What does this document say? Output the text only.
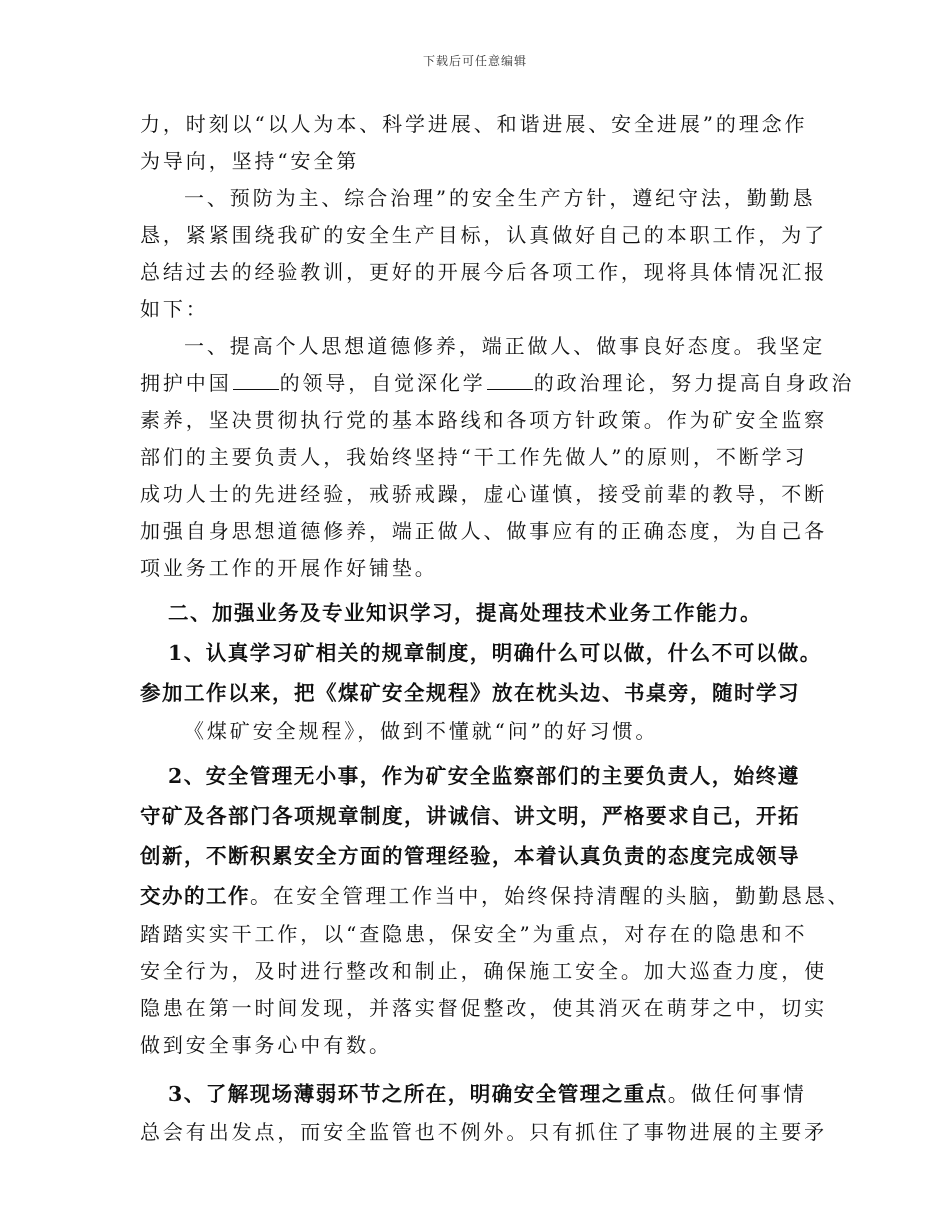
下载后可任意编辑
力，时刻以“以人为本、科学进展、和谐进展、安全进展”的理念作
为导向，坚持“安全第
一、预防为主、综合治理”的安全生产方针，遵纪守法，勤勤恳
恳，紧紧围绕我矿的安全生产目标，认真做好自己的本职工作，为了
总结过去的经验教训，更好的开展今后各项工作，现将具体情况汇报
如下：
一、提高个人思想道德修养，端正做人、做事良好态度。我坚定
拥护中国 的领导，自觉深化学 的政治理论，努力提高自身政治
素养，坚决贯彻执行党的基本路线和各项方针政策。作为矿安全监察
部们的主要负责人，我始终坚持“干工作先做人”的原则，不断学习
成功人士的先进经验，戒骄戒躁，虚心谨慎，接受前辈的教导，不断
加强自身思想道德修养，端正做人、做事应有的正确态度，为自己各
项业务工作的开展作好铺垫。
二、加强业务及专业知识学习，提高处理技术业务工作能力。
1、认真学习矿相关的规章制度，明确什么可以做，什么不可以做。
参加工作以来，把《煤矿安全规程》放在枕头边、书桌旁，随时学习
《煤矿安全规程》，做到不懂就“问”的好习惯。
2、安全管理无小事，作为矿安全监察部们的主要负责人，始终遵
守矿及各部门各项规章制度，讲诚信、讲文明，严格要求自己，开拓
创新，不断积累安全方面的管理经验，本着认真负责的态度完成领导
交办的工作。在安全管理工作当中，始终保持清醒的头脑，勤勤恳恳、
踏踏实实干工作，以“查隐患，保安全”为重点，对存在的隐患和不
安全行为，及时进行整改和制止，确保施工安全。加大巡查力度，使
隐患在第一时间发现，并落实督促整改，使其消灭在萌芽之中，切实
做到安全事务心中有数。
3、了解现场薄弱环节之所在，明确安全管理之重点。做任何事情
总会有出发点，而安全监管也不例外。只有抓住了事物进展的主要矛
